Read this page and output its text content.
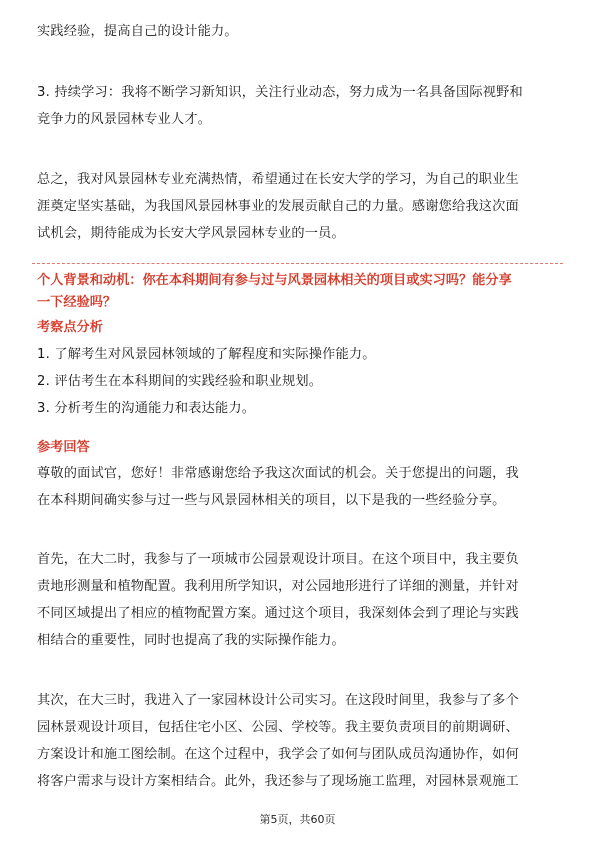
实践经验，提高自己的设计能力。
3. 持续学习：我将不断学习新知识，关注行业动态，努力成为一名具备国际视野和
竞争力的风景园林专业人才。
总之，我对风景园林专业充满热情，希望通过在长安大学的学习，为自己的职业生
涯奠定坚实基础，为我国风景园林事业的发展贡献自己的力量。感谢您给我这次面
试机会，期待能成为长安大学风景园林专业的一员。
个人背景和动机：你在本科期间有参与过与风景园林相关的项目或实习吗？能分享
一下经验吗？
考察点分析
1. 了解考生对风景园林领域的了解程度和实际操作能力。
2. 评估考生在本科期间的实践经验和职业规划。
3. 分析考生的沟通能力和表达能力。
参考回答
尊敬的面试官，您好！非常感谢您给予我这次面试的机会。关于您提出的问题，我
在本科期间确实参与过一些与风景园林相关的项目，以下是我的一些经验分享。
首先，在大二时，我参与了一项城市公园景观设计项目。在这个项目中，我主要负
责地形测量和植物配置。我利用所学知识，对公园地形进行了详细的测量，并针对
不同区域提出了相应的植物配置方案。通过这个项目，我深刻体会到了理论与实践
相结合的重要性，同时也提高了我的实际操作能力。
其次，在大三时，我进入了一家园林设计公司实习。在这段时间里，我参与了多个
园林景观设计项目，包括住宅小区、公园、学校等。我主要负责项目的前期调研、
方案设计和施工图绘制。在这个过程中，我学会了如何与团队成员沟通协作，如何
将客户需求与设计方案相结合。此外，我还参与了现场施工监理，对园林景观施工
第5页，共60页
